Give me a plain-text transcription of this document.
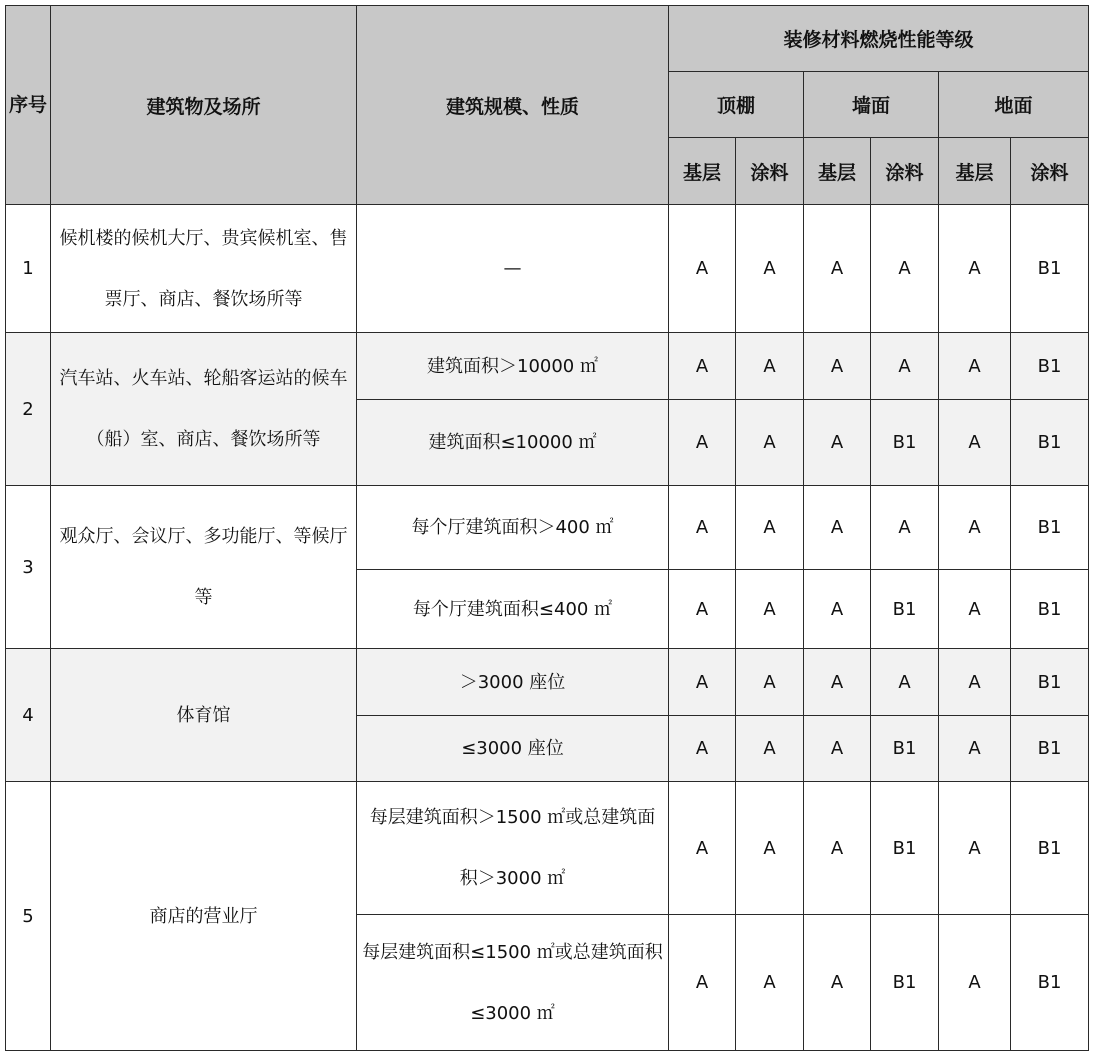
序号	建筑物及场所	建筑规模、性质	装修材料燃烧性能等级					
			顶棚		墙面		地面	
			基层	涂料	基层	涂料	基层	涂料
1	候机楼的候机大厅、贵宾候机室、售票厅、商店、餐饮场所等	—	A	A	A	A	A	B1
2	汽车站、火车站、轮船客运站的候车（船）室、商店、餐饮场所等	建筑面积＞10000 ㎡	A	A	A	A	A	B1
		建筑面积≤10000 ㎡	A	A	A	B1	A	B1
3	观众厅、会议厅、多功能厅、等候厅等	每个厅建筑面积＞400 ㎡	A	A	A	A	A	B1
		每个厅建筑面积≤400 ㎡	A	A	A	B1	A	B1
4	体育馆	＞3000 座位	A	A	A	A	A	B1
		≤3000 座位	A	A	A	B1	A	B1
5	商店的营业厅	每层建筑面积＞1500 ㎡或总建筑面积＞3000 ㎡	A	A	A	B1	A	B1
		每层建筑面积≤1500 ㎡或总建筑面积≤3000 ㎡	A	A	A	B1	A	B1
